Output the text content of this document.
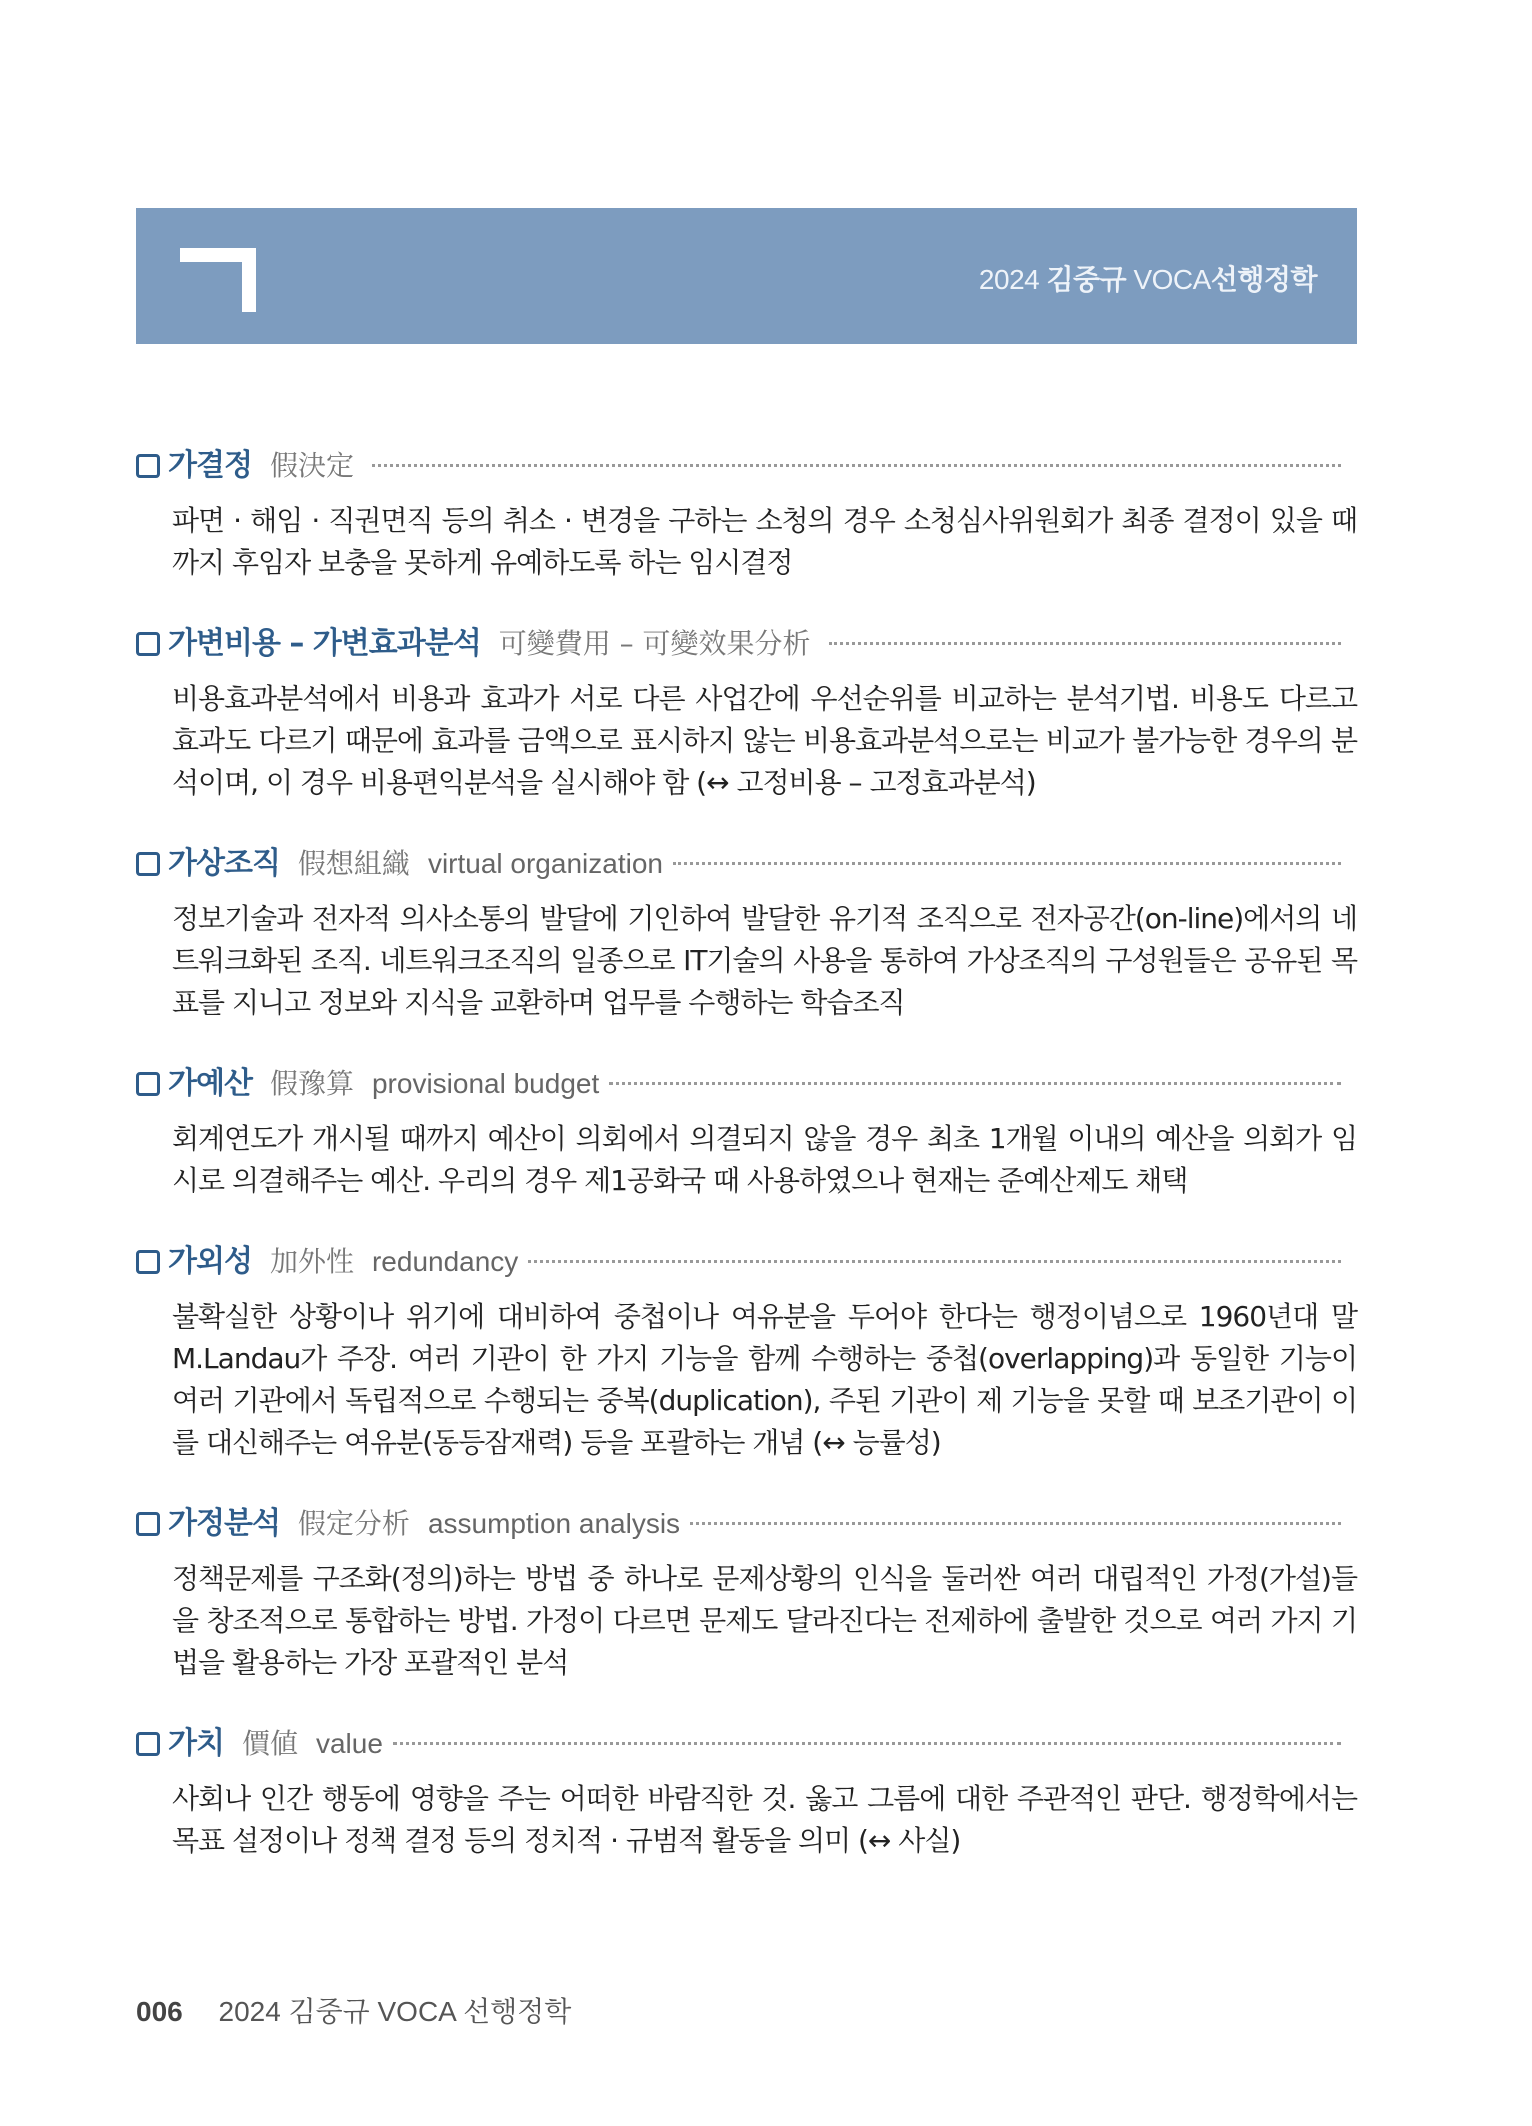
2024 김중규 VOCA선행정학
가결정 假決定
파면 · 해임 · 직권면직 등의 취소 · 변경을 구하는 소청의 경우 소청심사위원회가 최종 결정이 있을 때까지 후임자 보충을 못하게 유예하도록 하는 임시결정
가변비용 – 가변효과분석 可變費用 – 可變效果分析
비용효과분석에서 비용과 효과가 서로 다른 사업간에 우선순위를 비교하는 분석기법. 비용도 다르고 효과도 다르기 때문에 효과를 금액으로 표시하지 않는 비용효과분석으로는 비교가 불가능한 경우의 분석이며, 이 경우 비용편익분석을 실시해야 함 (↔ 고정비용 – 고정효과분석)
가상조직 假想組織 virtual organization
정보기술과 전자적 의사소통의 발달에 기인하여 발달한 유기적 조직으로 전자공간(on-line)에서의 네트워크화된 조직. 네트워크조직의 일종으로 IT기술의 사용을 통하여 가상조직의 구성원들은 공유된 목표를 지니고 정보와 지식을 교환하며 업무를 수행하는 학습조직
가예산 假豫算 provisional budget
회계연도가 개시될 때까지 예산이 의회에서 의결되지 않을 경우 최초 1개월 이내의 예산을 의회가 임시로 의결해주는 예산. 우리의 경우 제1공화국 때 사용하였으나 현재는 준예산제도 채택
가외성 加外性 redundancy
불확실한 상황이나 위기에 대비하여 중첩이나 여유분을 두어야 한다는 행정이념으로 1960년대 말 M.Landau가 주장. 여러 기관이 한 가지 기능을 함께 수행하는 중첩(overlapping)과 동일한 기능이 여러 기관에서 독립적으로 수행되는 중복(duplication), 주된 기관이 제 기능을 못할 때 보조기관이 이를 대신해주는 여유분(동등잠재력) 등을 포괄하는 개념 (↔ 능률성)
가정분석 假定分析 assumption analysis
정책문제를 구조화(정의)하는 방법 중 하나로 문제상황의 인식을 둘러싼 여러 대립적인 가정(가설)들을 창조적으로 통합하는 방법. 가정이 다르면 문제도 달라진다는 전제하에 출발한 것으로 여러 가지 기법을 활용하는 가장 포괄적인 분석
가치 價値 value
사회나 인간 행동에 영향을 주는 어떠한 바람직한 것. 옳고 그름에 대한 주관적인 판단. 행정학에서는 목표 설정이나 정책 결정 등의 정치적 · 규범적 활동을 의미 (↔ 사실)
006 2024 김중규 VOCA 선행정학
